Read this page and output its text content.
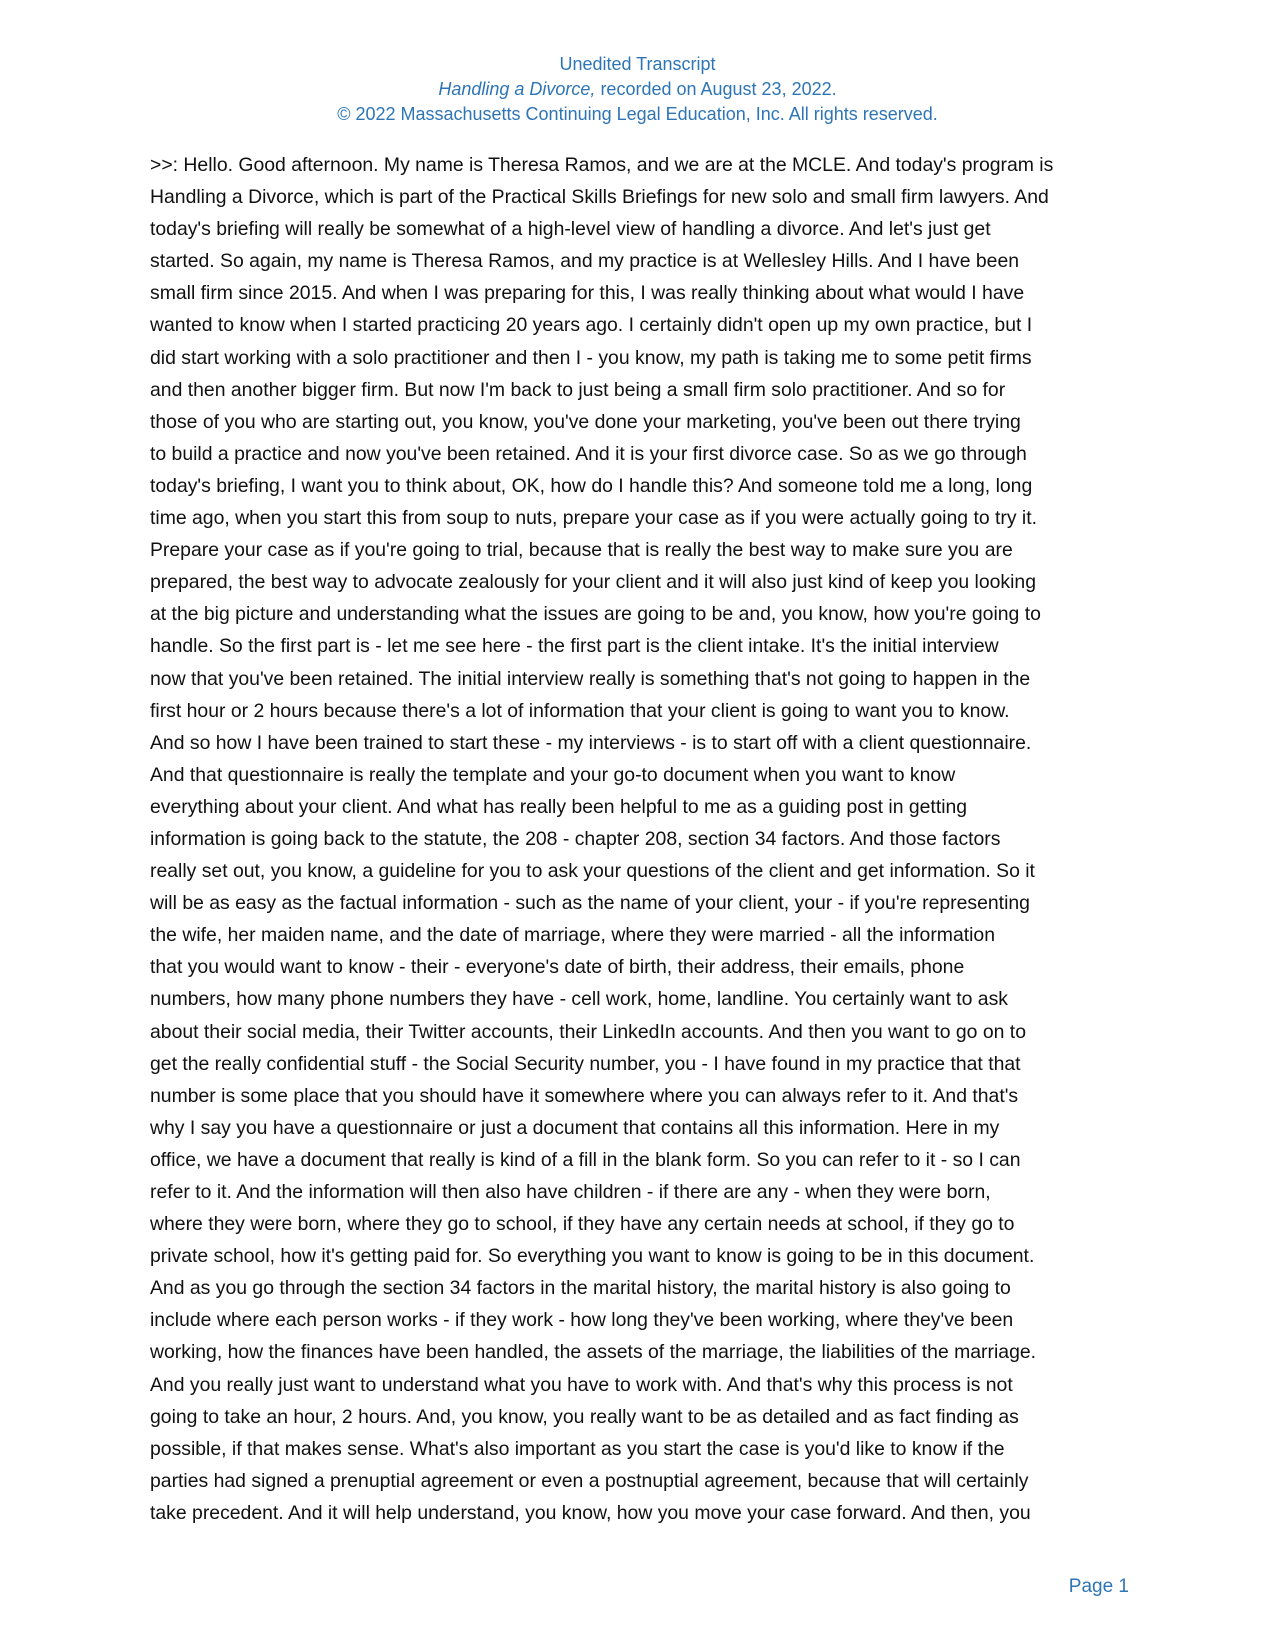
Unedited Transcript
Handling a Divorce, recorded on August 23, 2022.
© 2022 Massachusetts Continuing Legal Education, Inc. All rights reserved.
>>: Hello. Good afternoon. My name is Theresa Ramos, and we are at the MCLE. And today's program is
Handling a Divorce, which is part of the Practical Skills Briefings for new solo and small firm lawyers. And
today's briefing will really be somewhat of a high-level view of handling a divorce. And let's just get
started. So again, my name is Theresa Ramos, and my practice is at Wellesley Hills. And I have been
small firm since 2015. And when I was preparing for this, I was really thinking about what would I have
wanted to know when I started practicing 20 years ago. I certainly didn't open up my own practice, but I
did start working with a solo practitioner and then I - you know, my path is taking me to some petit firms
and then another bigger firm. But now I'm back to just being a small firm solo practitioner. And so for
those of you who are starting out, you know, you've done your marketing, you've been out there trying
to build a practice and now you've been retained. And it is your first divorce case. So as we go through
today's briefing, I want you to think about, OK, how do I handle this? And someone told me a long, long
time ago, when you start this from soup to nuts, prepare your case as if you were actually going to try it.
Prepare your case as if you're going to trial, because that is really the best way to make sure you are
prepared, the best way to advocate zealously for your client and it will also just kind of keep you looking
at the big picture and understanding what the issues are going to be and, you know, how you're going to
handle. So the first part is - let me see here - the first part is the client intake. It's the initial interview
now that you've been retained. The initial interview really is something that's not going to happen in the
first hour or 2 hours because there's a lot of information that your client is going to want you to know.
And so how I have been trained to start these - my interviews - is to start off with a client questionnaire.
And that questionnaire is really the template and your go-to document when you want to know
everything about your client. And what has really been helpful to me as a guiding post in getting
information is going back to the statute, the 208 - chapter 208, section 34 factors. And those factors
really set out, you know, a guideline for you to ask your questions of the client and get information. So it
will be as easy as the factual information - such as the name of your client, your - if you're representing
the wife, her maiden name, and the date of marriage, where they were married - all the information
that you would want to know - their - everyone's date of birth, their address, their emails, phone
numbers, how many phone numbers they have - cell work, home, landline. You certainly want to ask
about their social media, their Twitter accounts, their LinkedIn accounts. And then you want to go on to
get the really confidential stuff - the Social Security number, you - I have found in my practice that that
number is some place that you should have it somewhere where you can always refer to it. And that's
why I say you have a questionnaire or just a document that contains all this information. Here in my
office, we have a document that really is kind of a fill in the blank form. So you can refer to it - so I can
refer to it. And the information will then also have children - if there are any - when they were born,
where they were born, where they go to school, if they have any certain needs at school, if they go to
private school, how it's getting paid for. So everything you want to know is going to be in this document.
And as you go through the section 34 factors in the marital history, the marital history is also going to
include where each person works - if they work - how long they've been working, where they've been
working, how the finances have been handled, the assets of the marriage, the liabilities of the marriage.
And you really just want to understand what you have to work with. And that's why this process is not
going to take an hour, 2 hours. And, you know, you really want to be as detailed and as fact finding as
possible, if that makes sense. What's also important as you start the case is you'd like to know if the
parties had signed a prenuptial agreement or even a postnuptial agreement, because that will certainly
take precedent. And it will help understand, you know, how you move your case forward. And then, you
Page 1
